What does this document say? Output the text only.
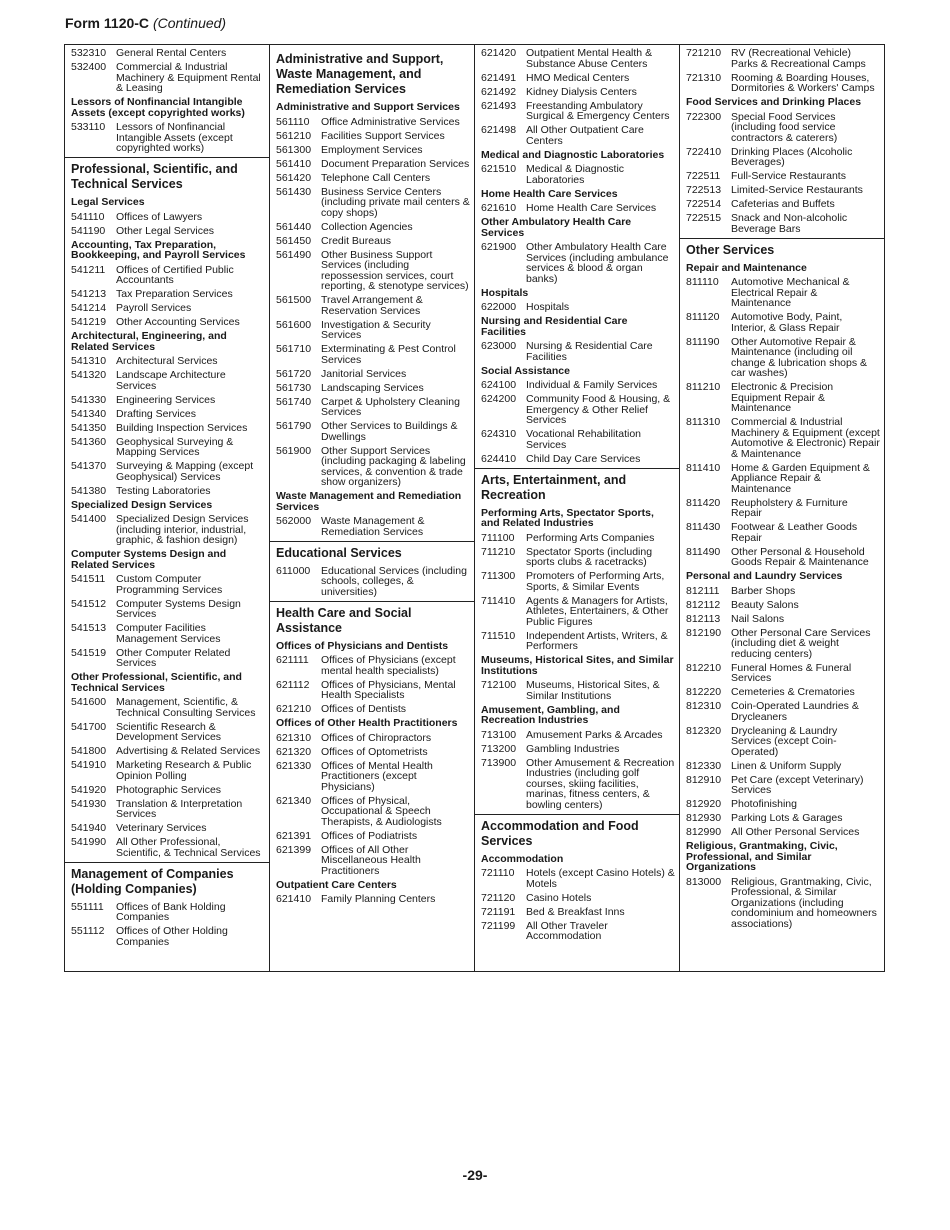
Form 1120-C (Continued)
532310 General Rental Centers
532400 Commercial & Industrial Machinery & Equipment Rental & Leasing
Lessors of Nonfinancial Intangible Assets (except copyrighted works)
533110	Lessors of Nonfinancial Intangible Assets (except copyrighted works)
Professional, Scientific, and Technical Services
Legal Services
541110	Offices of Lawyers
541190	Other Legal Services
Accounting, Tax Preparation, Bookkeeping, and Payroll Services
541211	Offices of Certified Public Accountants
541213 Tax Preparation Services
541214 Payroll Services
541219 Other Accounting Services
Architectural, Engineering, and Related Services
541310 Architectural Services
541320 Landscape Architecture Services
541330 Engineering Services
541340 Drafting Services
541350 Building Inspection Services
541360 Geophysical Surveying & Mapping Services
541370 Surveying & Mapping (except Geophysical) Services
541380 Testing Laboratories
Specialized Design Services
541400 Specialized Design Services (including interior, industrial, graphic, & fashion design)
Computer Systems Design and Related Services
541511	Custom Computer Programming Services
541512 Computer Systems Design Services
541513 Computer Facilities Management Services
541519 Other Computer Related Services
Other Professional, Scientific, and Technical Services
541600 Management, Scientific, & Technical Consulting Services
541700 Scientific Research & Development Services
541800 Advertising & Related Services
541910 Marketing Research & Public Opinion Polling
541920 Photographic Services
541930 Translation & Interpretation Services
541940 Veterinary Services
541990 All Other Professional, Scientific, & Technical Services
Management of Companies (Holding Companies)
551111	Offices of Bank Holding Companies
551112	Offices of Other Holding Companies
Administrative and Support, Waste Management, and Remediation Services
Administrative and Support Services
561110	Office Administrative Services
561210 Facilities Support Services
561300 Employment Services
561410 Document Preparation Services
561420 Telephone Call Centers
561430 Business Service Centers (including private mail centers & copy shops)
561440 Collection Agencies
561450 Credit Bureaus
561490 Other Business Support Services (including repossession services, court reporting, & stenotype services)
561500 Travel Arrangement & Reservation Services
561600 Investigation & Security Services
561710 Exterminating & Pest Control Services
561720 Janitorial Services
561730 Landscaping Services
561740 Carpet & Upholstery Cleaning Services
561790 Other Services to Buildings & Dwellings
561900 Other Support Services (including packaging & labeling services, & convention & trade show organizers)
Waste Management and Remediation Services
562000 Waste Management & Remediation Services
Educational Services
611000	Educational Services (including schools, colleges, & universities)
Health Care and Social Assistance
Offices of Physicians and Dentists
621111	Offices of Physicians (except mental health specialists)
621112	Offices of Physicians, Mental Health Specialists
621210 Offices of Dentists
Offices of Other Health Practitioners
621310 Offices of Chiropractors
621320 Offices of Optometrists
621330 Offices of Mental Health Practitioners (except Physicians)
621340 Offices of Physical, Occupational & Speech Therapists, & Audiologists
621391 Offices of Podiatrists
621399 Offices of All Other Miscellaneous Health Practitioners
Outpatient Care Centers
621410 Family Planning Centers
621420 Outpatient Mental Health & Substance Abuse Centers
621491 HMO Medical Centers
621492 Kidney Dialysis Centers
621493 Freestanding Ambulatory Surgical & Emergency Centers
621498 All Other Outpatient Care Centers
Medical and Diagnostic Laboratories
621510 Medical & Diagnostic Laboratories
Home Health Care Services
621610 Home Health Care Services
Other Ambulatory Health Care Services
621900 Other Ambulatory Health Care Services (including ambulance services & blood & organ banks)
Hospitals
622000 Hospitals
Nursing and Residential Care Facilities
623000 Nursing & Residential Care Facilities
Social Assistance
624100 Individual & Family Services
624200 Community Food & Housing, & Emergency & Other Relief Services
624310 Vocational Rehabilitation Services
624410 Child Day Care Services
Arts, Entertainment, and Recreation
Performing Arts, Spectator Sports, and Related Industries
711100	Performing Arts Companies
711210	Spectator Sports (including sports clubs & racetracks)
711300	Promoters of Performing Arts, Sports, & Similar Events
711410	Agents & Managers for Artists, Athletes, Entertainers, & Other Public Figures
711510	Independent Artists, Writers, & Performers
Museums, Historical Sites, and Similar Institutions
712100 Museums, Historical Sites, & Similar Institutions
Amusement, Gambling, and Recreation Industries
713100 Amusement Parks & Arcades
713200 Gambling Industries
713900 Other Amusement & Recreation Industries (including golf courses, skiing facilities, marinas, fitness centers, & bowling centers)
Accommodation and Food Services
Accommodation
721110	Hotels (except Casino Hotels) & Motels
721120	Casino Hotels
721191	Bed & Breakfast Inns
721199	All Other Traveler Accommodation
721210 RV (Recreational Vehicle) Parks & Recreational Camps
721310 Rooming & Boarding Houses, Dormitories & Workers' Camps
Food Services and Drinking Places
722300 Special Food Services (including food service contractors & caterers)
722410 Drinking Places (Alcoholic Beverages)
722511	Full-Service Restaurants
722513 Limited-Service Restaurants
722514 Cafeterias and Buffets
722515 Snack and Non-alcoholic Beverage Bars
Other Services
Repair and Maintenance
811110	Automotive Mechanical & Electrical Repair & Maintenance
811120	Automotive Body, Paint, Interior, & Glass Repair
811190	Other Automotive Repair & Maintenance (including oil change & lubrication shops & car washes)
811210	Electronic & Precision Equipment Repair & Maintenance
811310	Commercial & Industrial Machinery & Equipment (except Automotive & Electronic) Repair & Maintenance
811410	Home & Garden Equipment & Appliance Repair & Maintenance
811420	Reupholstery & Furniture Repair
811430	Footwear & Leather Goods Repair
811490	Other Personal & Household Goods Repair & Maintenance
Personal and Laundry Services
812111	Barber Shops
812112	Beauty Salons
812113	Nail Salons
812190 Other Personal Care Services (including diet & weight reducing centers)
812210 Funeral Homes & Funeral Services
812220 Cemeteries & Crematories
812310 Coin-Operated Laundries & Drycleaners
812320 Drycleaning & Laundry Services (except Coin-Operated)
812330 Linen & Uniform Supply
812910 Pet Care (except Veterinary) Services
812920 Photofinishing
812930 Parking Lots & Garages
812990 All Other Personal Services
Religious, Grantmaking, Civic, Professional, and Similar Organizations
813000 Religious, Grantmaking, Civic, Professional, & Similar Organizations (including condominium and homeowners associations)
-29-
